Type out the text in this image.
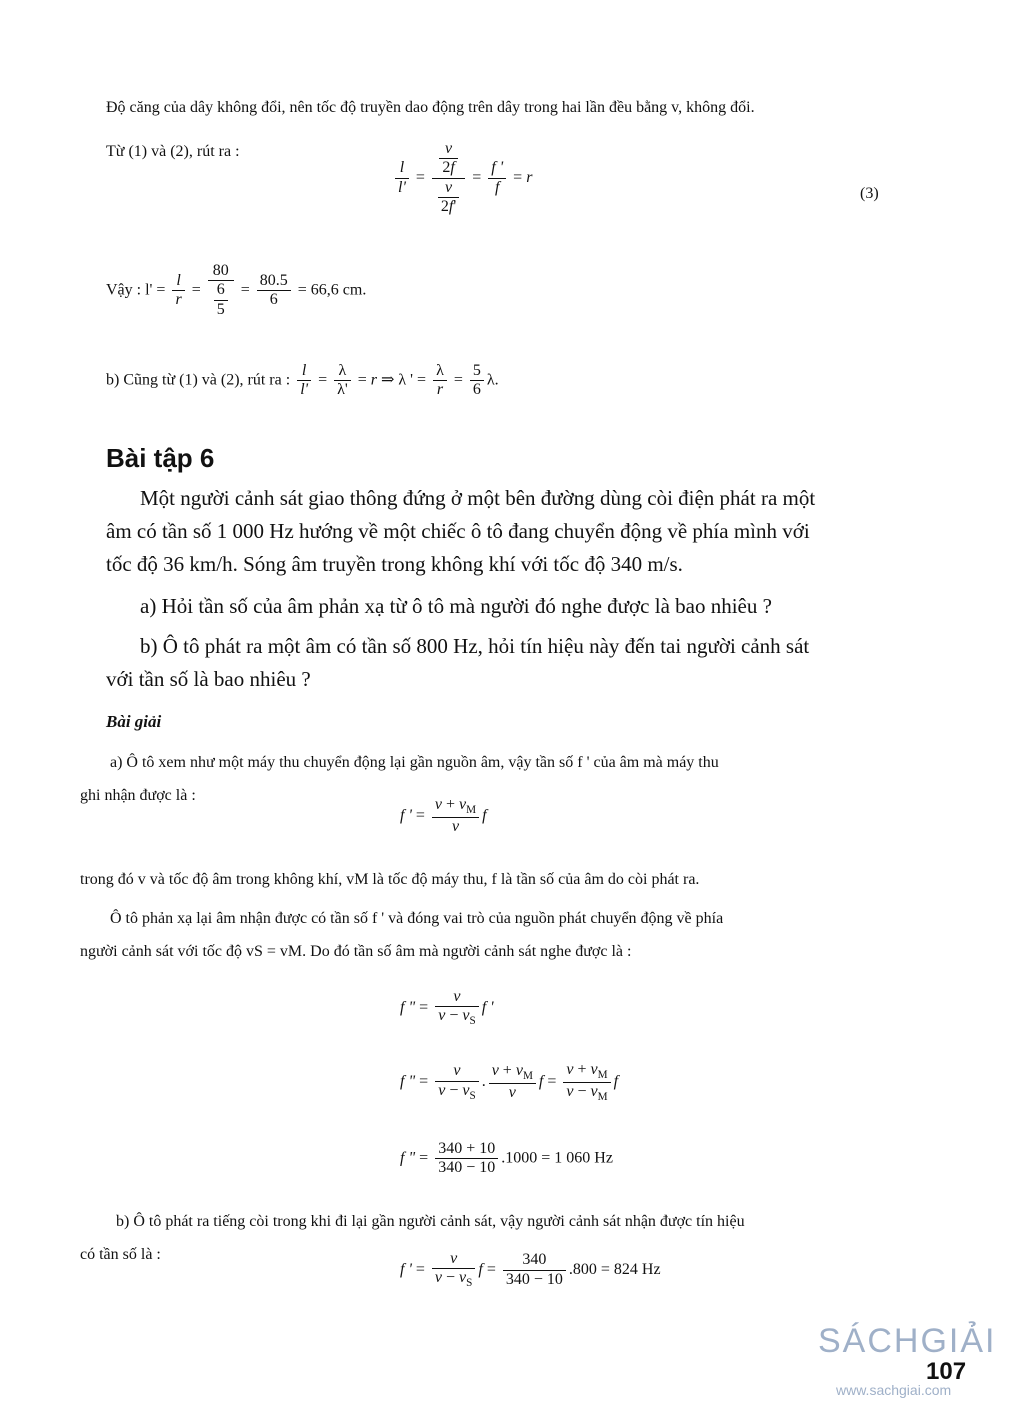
Độ căng của dây không đổi, nên tốc độ truyền dao động trên dây trong hai lần đều bằng v, không đổi.
Từ (1) và (2), rút ra :
$\frac{l}{l'} = \frac{\frac{v}{2f}}{\frac{v}{2f'}} = \frac{f '}{f} = r$
(3)
Vậy : $l' = \frac{l}{r} = \frac{80}{\frac{6}{5}} = \frac{80.5}{6} = 66,6$ cm.
b) Cũng từ (1) và (2), rút ra : $\frac{l}{l'} = \frac{\lambda}{\lambda'} = r$ ⇒ λ ' = $\frac{\lambda}{r} = \frac{5}{6} \lambda$.
Bài tập 6
Một người cảnh sát giao thông đứng ở một bên đường dùng còi điện phát ra một
âm có tần số 1 000 Hz hướng về một chiếc ô tô đang chuyển động về phía mình với
tốc độ 36 km/h. Sóng âm truyền trong không khí với tốc độ 340 m/s.
a) Hỏi tần số của âm phản xạ từ ô tô mà người đó nghe được là bao nhiêu ?
b) Ô tô phát ra một âm có tần số 800 Hz, hỏi tín hiệu này đến tai người cảnh sát
với tần số là bao nhiêu ?
Bài giải
a) Ô tô xem như một máy thu chuyển động lại gần nguồn âm, vậy tần số f ' của âm mà máy thu
ghi nhận được là :
f ' = $\frac{v + v_M}{v}$ f
trong đó v và tốc độ âm trong không khí, vM là tốc độ máy thu, f là tần số của âm do còi phát ra.
Ô tô phản xạ lại âm nhận được có tần số f ' và đóng vai trò của nguồn phát chuyển động về phía
người cảnh sát với tốc độ vS = vM. Do đó tần số âm mà người cảnh sát nghe được là :
f " = $\frac{v}{v - v_S}$ f '
f " = $\frac{v}{v - v_S}$ . $\frac{v + v_M}{v}$ $f = \frac{v + v_M}{v - v_M}$ f
f " = $\frac{340 + 10}{340 - 10} .1000 = 1$ 060 Hz
b) Ô tô phát ra tiếng còi trong khi đi lại gần người cảnh sát, vậy người cảnh sát nhận được tín hiệu
có tần số là :
f ' = $\frac{v}{v - v_S}$ $f = \frac{340}{340 - 10} .800 = 824$ Hz
SÁCHGIẢI
107
www.sachgiai.com
